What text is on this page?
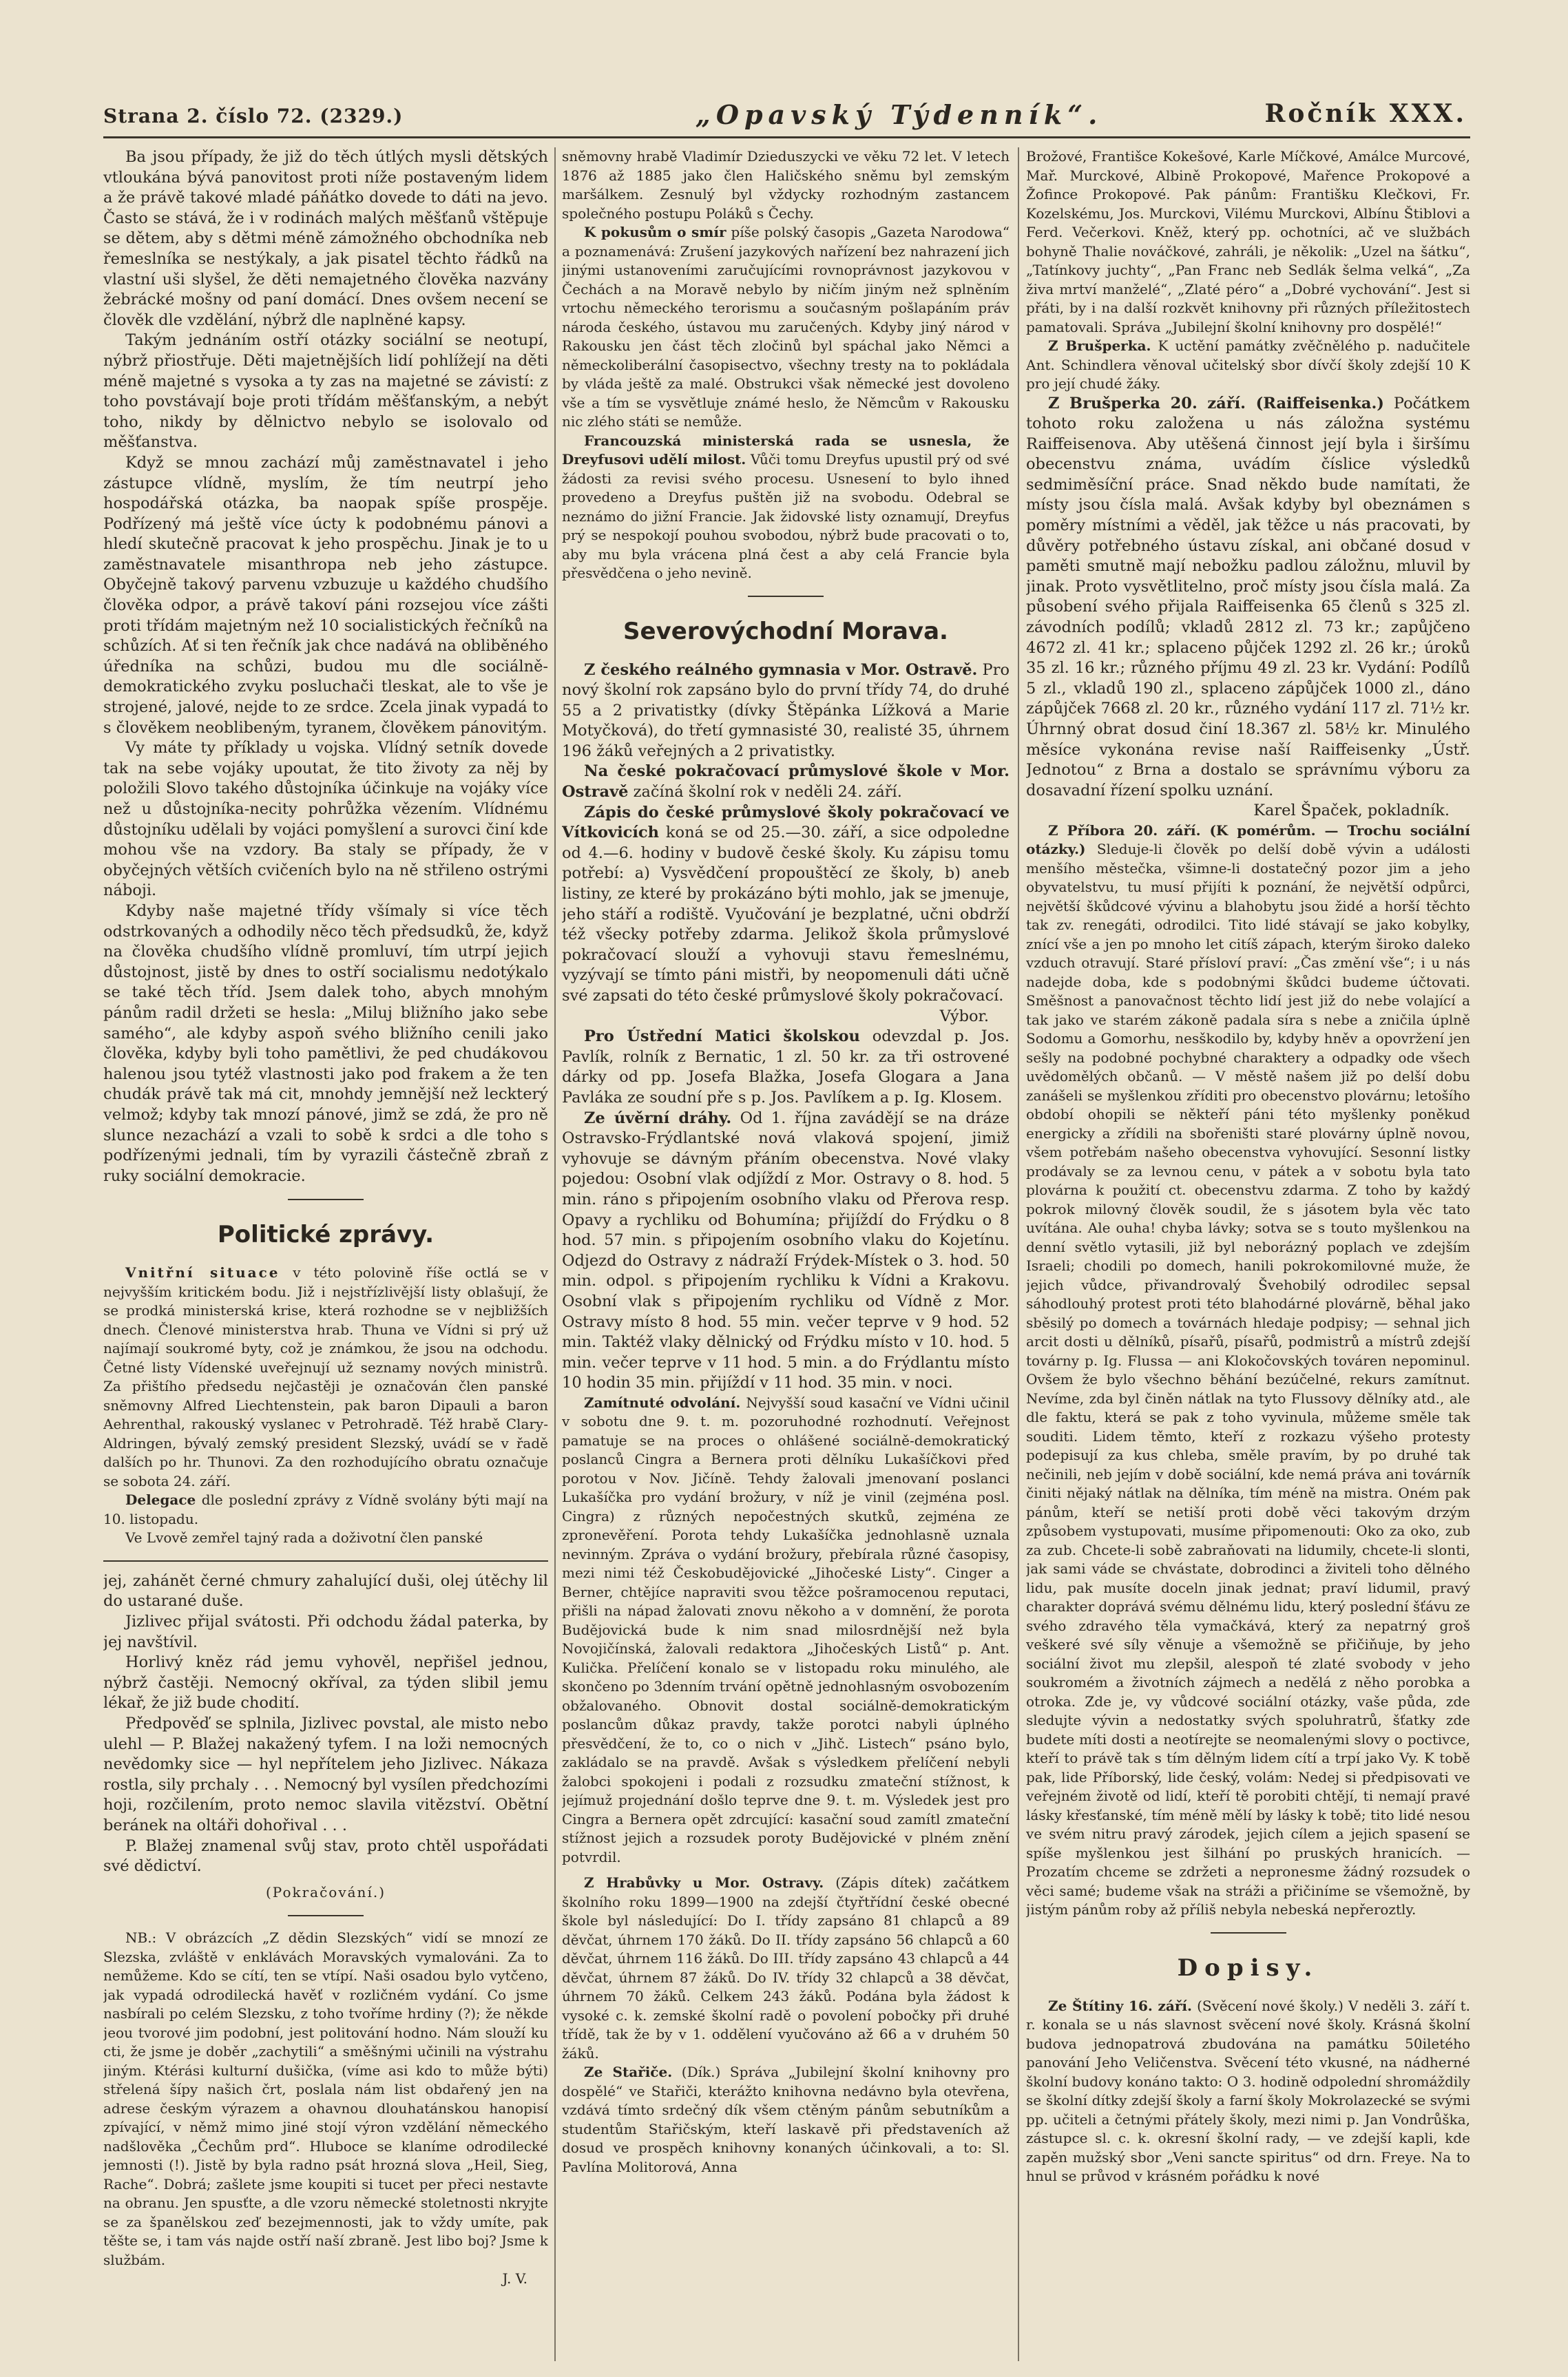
Strana 2. číslo 72. (2329.)	„Opavský Týdenník“.	Ročník XXX.

Ba jsou případy, že již do těch útlých mysli dětských vtloukána bývá panovitost proti níže postaveným lidem a že právě takové mladé páňátko dovede to dáti na jevo. Často se stává, že i v rodinách malých měšťanů vštěpuje se dětem, aby s dětmi méně zámožného obchodníka neb řemeslníka se nestýkaly, a jak pisatel těchto řádků na vlastní uši slyšel, že děti nemajetného člověka nazvány žebrácké mošny od paní domácí. Dnes ovšem necení se člověk dle vzdělání, nýbrž dle naplněné kapsy.

Takým jednáním ostří otázky sociální se neotupí, nýbrž přiostřuje. Děti majetnějších lidí pohlížejí na děti méně majetné s vysoka a ty zas na majetné se závistí: z toho povstávají boje proti třídám měšťanským, a nebýt toho, nikdy by dělnictvo nebylo se isolovalo od měšťanstva.

Když se mnou zachází můj zaměstnavatel i jeho zástupce vlídně, myslím, že tím neutrpí jeho hospodářská otázka, ba naopak spíše prospěje. Podřízený má ještě více úcty k podobnému pánovi a hledí skutečně pracovat k jeho prospěchu. Jinak je to u zaměstnavatele misanthropa neb jeho zástupce. Obyčejně takový parvenu vzbuzuje u každého chudšího člověka odpor, a právě takoví páni rozsejou více zášti proti třídám majetným než 10 socialistických řečníků na schůzích. Ať si ten řečník jak chce nadává na obliběného úředníka na schůzi, budou mu dle sociálně-demokratického zvyku posluchači tleskat, ale to vše je strojené, jalové, nejde to ze srdce. Zcela jinak vypadá to s člověkem neoblibeným, tyranem, člověkem pánovitým.

Vy máte ty příklady u vojska. Vlídný setník dovede tak na sebe vojáky upoutat, že tito životy za něj by položili Slovo takého důstojníka účinkuje na vojáky více než u důstojníka-necity pohrůžka vězením. Vlídnému důstojníku udělali by vojáci pomyšlení a surovci činí kde mohou vše na vzdory. Ba staly se případy, že v obyčejných větších cvičeních bylo na ně střileno ostrými náboji.

Kdyby naše majetné třídy všímaly si více těch odstrkovaných a odhodily něco těch předsudků, že, když na člověka chudšího vlídně promluví, tím utrpí jejich důstojnost, jistě by dnes to ostří socialismu nedotýkalo se také těch tříd. Jsem dalek toho, abych mnohým pánům radil držeti se hesla: „Miluj bližního jako sebe samého“, ale kdyby aspoň svého bližního cenili jako člověka, kdyby byli toho pamětlivi, že ped chudákovou halenou jsou tytéž vlastnosti jako pod frakem a že ten chudák právě tak má cit, mnohdy jemnější než leckterý velmož; kdyby tak mnozí pánové, jimž se zdá, že pro ně slunce nezachází a vzali to sobě k srdci a dle toho s podřízenými jednali, tím by vyrazili částečně zbraň z ruky sociální demokracie.

Politické zprávy.

Vnitřní situace v této polovině říše octlá se v nejvyšším kritickém bodu. Již i nejstřízlivější listy oblašují, že se prodká ministerská krise, která rozhodne se v nejbližších dnech. Členové ministerstva hrab. Thuna ve Vídni si prý už najímají soukromé byty, což je známkou, že jsou na odchodu. Četné listy Vídenské uveřejnují už seznamy nových ministrů. Za přištího předsedu nejčastěji je označován člen panské sněmovny Alfred Liechtenstein, pak baron Dipauli a baron Aehrenthal, rakouský vyslanec v Petrohradě. Též hrabě Clary-Aldringen, bývalý zemský president Slezský, uvádí se v řadě dalších po hr. Thunovi. Za den rozhodujícího obratu označuje se sobota 24. září.

Delegace dle poslední zprávy z Vídně svolány býti mají na 10. listopadu.

Ve Lvově zemřel tajný rada a doživotní člen panské

jej, zahánět černé chmury zahalující duši, olej útěchy lil do ustarané duše.

Jizlivec přijal svátosti. Při odchodu žádal paterka, by jej navštívil.

Horlivý kněz rád jemu vyhověl, nepřišel jednou, nýbrž častěji. Nemocný okříval, za týden slibil jemu lékař, že již bude chodití.

Předpověď se splnila, Jizlivec povstal, ale misto nebo ulehl — P. Blažej nakažený tyfem. I na loži nemocných nevědomky sice — hyl nepřítelem jeho Jizlivec. Nákaza rostla, sily prchaly . . . Nemocný byl vysílen předchozími hoji, rozčilením, proto nemoc slavila vitězství. Obětní beránek na oltáři dohořival . . .

P. Blažej znamenal svůj stav, proto chtěl uspořádati své dědictví.

(Pokračování.)

NB.: V obrázcích „Z dědin Slezských“ vidí se mnozí ze Slezska, zvláště v enklávách Moravských vymalováni. Za to nemůžeme. Kdo se cítí, ten se vtípí. Naši osadou bylo vytčeno, jak vypadá odrodilecká havěť v rozličném vydání. Co jsme nasbírali po celém Slezsku, z toho tvoříme hrdiny (?); že někde jeou tvorové jim podobní, jest politování hodno. Nám slouží ku cti, že jsme je doběr „zachytili“ a směšnými učinili na výstrahu jiným. Ktérási kulturní dušička, (víme asi kdo to může býti) střelená šípy našich črt, poslala nám list obdařený jen na adrese českým výrazem a ohavnou dlouhatánskou hanopisí zpívající, v němž mimo jiné stojí výron vzdělání německého nadšlověka „Čechům prd“. Hluboce se klaníme odrodilecké jemnosti (!). Jistě by byla radno psát hrozná slova „Heil, Sieg, Rache“. Dobrá; zašlete jsme koupiti si tucet per přeci nestavte na obranu. Jen spusťte, a dle vzoru německé stoletnosti nkryjte se za španělskou zeď bezejmennosti, jak to vždy umíte, pak těšte se, i tam vás najde ostří naší zbraně. Jest libo boj? Jsme k službám.

J. V.

sněmovny hrabě Vladimír Dzieduszycki ve věku 72 let. V letech 1876 až 1885 jako člen Haličského sněmu byl zemským maršálkem. Zesnulý byl vždycky rozhodným zastancem společného postupu Poláků s Čechy.

K pokusům o smír píše polský časopis „Gazeta Narodowa“ a poznamenává: Zrušení jazykových nařízení bez nahrazení jich jinými ustanoveními zaručujícími rovnoprávnost jazykovou v Čechách a na Moravě nebylo by ničím jiným než splněním vrtochu německého terorismu a současným pošlapáním práv národa českého, ústavou mu zaručených. Kdyby jiný národ v Rakousku jen část těch zločinů byl spáchal jako Němci a německoliberální časopisectvo, všechny tresty na to pokládala by vláda ještě za malé. Obstrukci však německé jest dovoleno vše a tím se vysvětluje známé heslo, že Němcům v Rakousku nic zlého státi se nemůže.

Francouzská ministerská rada se usnesla, že Dreyfusovi udělí milost. Vůči tomu Dreyfus upustil prý od své žádosti za revisi svého procesu. Usnesení to bylo ihned provedeno a Dreyfus puštěn již na svobodu. Odebral se neznámo do jižní Francie. Jak židovské listy oznamují, Dreyfus prý se nespokojí pouhou svobodou, nýbrž bude pracovati o to, aby mu byla vrácena plná čest a aby celá Francie byla přesvědčena o jeho nevině.

Severovýchodní Morava.

Z českého reálného gymnasia v Mor. Ostravě. Pro nový školní rok zapsáno bylo do první třídy 74, do druhé 55 a 2 privatistky (dívky Štěpánka Lížková a Marie Motyčková), do třetí gymnasisté 30, realisté 35, úhrnem 196 žáků veřejných a 2 privatistky.

Na české pokračovací průmyslové škole v Mor. Ostravě začíná školní rok v neděli 24. září.

Zápis do české průmyslové školy pokračovací ve Vítkovicích koná se od 25.—30. září, a sice odpoledne od 4.—6. hodiny v budově české školy. Ku zápisu tomu potřebí: a) Vysvědčení propouštěcí ze školy, b) aneb listiny, ze které by prokázáno býti mohlo, jak se jmenuje, jeho stáří a rodiště. Vyučování je bezplatné, učni obdrží též všecky potřeby zdarma. Jelikož škola průmyslové pokračovací slouží a vyhovuji stavu řemeslnému, vyzývají se tímto páni mistři, by neopomenuli dáti učně své zapsati do této české průmyslové školy pokračovací.

Výbor.

Pro Ústřední Matici školskou odevzdal p. Jos. Pavlík, rolník z Bernatic, 1 zl. 50 kr. za tři ostrovené dárky od pp. Josefa Blažka, Josefa Glogara a Jana Pavláka ze soudní pře s p. Jos. Pavlíkem a p. Ig. Klosem.

Ze úvěrní dráhy. Od 1. října zavádějí se na dráze Ostravsko-Frýdlantské nová vlaková spojení, jimiž vyhovuje se dávným přáním obecenstva. Nové vlaky pojedou: Osobní vlak odjíždí z Mor. Ostravy o 8. hod. 5 min. ráno s připojením osobního vlaku od Přerova resp. Opavy a rychliku od Bohumína; přijíždí do Frýdku o 8 hod. 57 min. s připojením osobního vlaku do Kojetínu. Odjezd do Ostravy z nádraží Frýdek-Místek o 3. hod. 50 min. odpol. s připojením rychliku k Vídni a Krakovu. Osobní vlak s připojením rychliku od Vídně z Mor. Ostravy místo 8 hod. 55 min. večer teprve v 9 hod. 52 min. Taktéž vlaky dělnický od Frýdku místo v 10. hod. 5 min. večer teprve v 11 hod. 5 min. a do Frýdlantu místo 10 hodin 35 min. přijíždí v 11 hod. 35 min. v noci.

Zamítnuté odvolání. Nejvyšší soud kasační ve Vídni učinil v sobotu dne 9. t. m. pozoruhodné rozhodnutí. Veřejnost pamatuje se na proces o ohlášené sociálně-demokratický poslanců Cingra a Bernera proti dělníku Lukašíčkovi před porotou v Nov. Jičíně. Tehdy žalovali jmenovaní poslanci Lukašíčka pro vydání brožury, v níž je vinil (zejména posl. Cingra) z různých nepočestných skutků, zejména ze zpronevěření. Porota tehdy Lukašíčka jednohlasně uznala nevinným. Zpráva o vydání brožury, přebírala různé časopisy, mezi nimi též Českobudějovické „Jihočeské Listy“. Cinger a Berner, chtějíce napraviti svou těžce pošramocenou reputaci, přišli na nápad žalovati znovu někoho a v domnění, že porota Budějovická bude k nim snad milosrdnější než byla Novojičínská, žalovali redaktora „Jihočeských Listů“ p. Ant. Kulička. Přelíčení konalo se v listopadu roku minulého, ale skončeno po 3denním trvání opětně jednohlasným osvobozením obžalovaného. Obnovit dostal sociálně-demokratickým poslancům důkaz pravdy, takže porotci nabyli úplného přesvědčení, že to, co o nich v „Jihč. Listech“ psáno bylo, zakládalo se na pravdě. Avšak s výsledkem přelíčení nebyli žalobci spokojeni i podali z rozsudku zmateční stížnost, k jejímuž projednání došlo teprve dne 9. t. m. Výsledek jest pro Cingra a Bernera opět zdrcující: kasační soud zamítl zmateční stížnost jejich a rozsudek poroty Budějovické v plném znění potvrdil.

Z Hrabůvky u Mor. Ostravy. (Zápis dítek) začátkem školního roku 1899—1900 na zdejší čtyřtřídní české obecné škole byl následující: Do I. třídy zapsáno 81 chlapců a 89 děvčat, úhrnem 170 žáků. Do II. třídy zapsáno 56 chlapců a 60 děvčat, úhrnem 116 žáků. Do III. třídy zapsáno 43 chlapců a 44 děvčat, úhrnem 87 žáků. Do IV. třídy 32 chlapců a 38 děvčat, úhrnem 70 žáků. Celkem 243 žáků. Podána byla žádost k vysoké c. k. zemské školní radě o povolení pobočky při druhé třídě, tak že by v 1. oddělení vyučováno až 66 a v druhém 50 žáků.

Ze Stařiče. (Dík.) Správa „Jubilejní školní knihovny pro dospělé“ ve Stařiči, kterážto knihovna nedávno byla otevřena, vzdává tímto srdečný dík všem ctěným pánům sebutníkům a studentům Stařičským, kteří laskavě při představeních až dosud ve prospěch knihovny konaných účinkovali, a to: Sl. Pavlína Molitorová, Anna

Brožové, Františce Kokešové, Karle Míčkové, Amálce Murcové, Mař. Murckové, Albině Prokopové, Mařence Prokopové a Žofince Prokopové. Pak pánům: Františku Klečkovi, Fr. Kozelskému, Jos. Murckovi, Vilému Murckovi, Albínu Štiblovi a Ferd. Večerkovi. Kněž, který pp. ochotníci, ač ve službách bohyně Thalie nováčkové, zahráli, je několik: „Uzel na šátku“, „Tatínkovy juchty“, „Pan Franc neb Sedlák šelma velká“, „Za živa mrtví manželé“, „Zlaté péro“ a „Dobré vychování“. Jest si přáti, by i na další rozkvět knihovny při různých příležitostech pamatovali. Správa „Jubilejní školní knihovny pro dospělé!“

Z Brušperka. K uctění památky zvěčnělého p. nadučitele Ant. Schindlera věnoval učitelský sbor dívčí školy zdejší 10 K pro její chudé žáky.

Z Brušperka 20. září. (Raiffeisenka.) Počátkem tohoto roku založena u nás záložna systému Raiffeisenova. Aby utěšená činnost její byla i širšímu obecenstvu známa, uvádím číslice výsledků sedmiměsíční práce. Snad někdo bude namítati, že místy jsou čísla malá. Avšak kdyby byl obeznámen s poměry místními a věděl, jak těžce u nás pracovati, by důvěry potřebného ústavu získal, ani občané dosud v paměti smutně mají nebožku padlou záložnu, mluvil by jinak. Proto vysvětlitelno, proč místy jsou čísla malá. Za působení svého přijala Raiffeisenka 65 členů s 325 zl. závodních podílů; vkladů 2812 zl. 73 kr.; zapůjčeno 4672 zl. 41 kr.; splaceno půjček 1292 zl. 26 kr.; úroků 35 zl. 16 kr.; různého příjmu 49 zl. 23 kr. Vydání: Podílů 5 zl., vkladů 190 zl., splaceno zápůjček 1000 zl., dáno zápůjček 7668 zl. 20 kr., různého vydání 117 zl. 71½ kr. Úhrnný obrat dosud činí 18.367 zl. 58½ kr. Minulého měsíce vykonána revise naší Raiffeisenky „Ústř. Jednotou“ z Brna a dostalo se správnímu výboru za dosavadní řízení spolku uznání.

Karel Špaček, pokladník.

Z Příbora 20. září. (K pomérům. — Trochu sociální otázky.) Sleduje-li člověk po delší době vývin a události menšího městečka, všimne-li dostatečný pozor jim a jeho obyvatelstvu, tu musí přijíti k poznání, že největší odpůrci, největší škůdcové vývinu a blahobytu jsou židé a horší těchto tak zv. renegáti, odrodilci. Tito lidé stávají se jako kobylky, znící vše a jen po mnoho let citíš zápach, kterým široko daleko vzduch otravují. Staré přísloví praví: „Čas změní vše“; i u nás nadejde doba, kde s podobnými škůdci budeme účtovati. Směšnost a panovačnost těchto lidí jest již do nebe volající a tak jako ve starém zákoně padala síra s nebe a zničila úplně Sodomu a Gomorhu, nesškodilo by, kdyby hněv a opovržení jen sešly na podobné pochybné charaktery a odpadky ode všech uvědomělých občanů. — V městě našem již po delší dobu zanášeli se myšlenkou zříditi pro obecenstvo plovárnu; letošího období ohopili se někteří páni této myšlenky poněkud energicky a zřídili na sbořeništi staré plovárny úplně novou, všem potřebám našeho obecenstva vyhovující. Sesonní listky prodávaly se za levnou cenu, v pátek a v sobotu byla tato plovárna k použití ct. obecenstvu zdarma. Z toho by každý pokrok milovný člověk soudil, že s jásotem byla věc tato uvítána. Ale ouha! chyba lávky; sotva se s touto myšlenkou na denní světlo vytasili, již byl neborázný poplach ve zdejším Israeli; chodili po domech, hanili pokrokomilovné muže, že jejich vůdce, přivandrovalý Švehobilý odrodilec sepsal sáhodlouhý protest proti této blahodárné plovárně, běhal jako sběsilý po domech a továrnách hledaje podpisy; — sehnal jich arcit dosti u dělníků, písařů, písařů, podmistrů a místrů zdejší továrny p. Ig. Flussa — ani Klokočovských továren nepominul. Ovšem že bylo všechno běhání bezúčelné, rekurs zamítnut. Nevíme, zda byl činěn nátlak na tyto Flussovy dělníky atd., ale dle faktu, která se pak z toho vyvinula, můžeme směle tak souditi. Lidem těmto, kteří z rozkazu výšeho protesty podepisují za kus chleba, směle pravím, by po druhé tak nečinili, neb jejím v době sociální, kde nemá práva ani továrník činiti nějaký nátlak na dělníka, tím méně na mistra. Oném pak pánům, kteří se netiší proti době věci takovým drzým způsobem vystupovati, musíme připomenouti: Oko za oko, zub za zub. Chcete-li sobě zabraňovati na lidumily, chcete-li slonti, jak sami váde se chvástate, dobrodinci a živiteli toho dělného lidu, pak musíte doceln jinak jednat; praví lidumil, pravý charakter doprává svému dělnému lidu, který poslední šťávu ze svého zdravého těla vymačkává, který za nepatrný groš veškeré své síly věnuje a všemožně se přičiňuje, by jeho sociální život mu zlepšil, alespoň té zlaté svobody v jeho soukromém a životních zájmech a nedělá z něho porobka a otroka. Zde je, vy vůdcové sociální otázky, vaše půda, zde sledujte vývin a nedostatky svých spoluhratrů, šťatky zde budete míti dosti a neotírejte se neomalenými slovy o poctivce, kteří to právě tak s tím dělným lidem cítí a trpí jako Vy. K tobě pak, lide Příborský, lide český, volám: Nedej si předpisovati ve veřejném životě od lidí, kteří tě porobiti chtějí, ti nemají pravé lásky křesťanské, tím méně mělí by lásky k tobě; tito lidé nesou ve svém nitru pravý zárodek, jejich cílem a jejich spasení se spíše myšlenkou jest šilhání po pruských hranicích. — Prozatím chceme se zdržeti a nepronesme žádný rozsudek o věci samé; budeme však na stráži a přičiníme se všemožně, by jistým pánům roby až příliš nebyla nebeská nepřeroztly.

Dopisy.

Ze Štítiny 16. září. (Svěcení nové školy.) V neděli 3. září t. r. konala se u nás slavnost svěcení nové školy. Krásná školní budova jednopatrová zbudována na památku 50iletého panování Jeho Veličenstva. Svěcení této vkusné, na nádherné školní budovy konáno takto: O 3. hodině odpolední shromáždily se školní dítky zdejší školy a farní školy Mokrolazecké se svými pp. učiteli a četnými přátely školy, mezi nimi p. Jan Vondrůška, zástupce sl. c. k. okresní školní rady, — ve zdejší kapli, kde zapěn mužský sbor „Veni sancte spiritus“ od drn. Freye. Na to hnul se průvod v krásném pořádku k nové
